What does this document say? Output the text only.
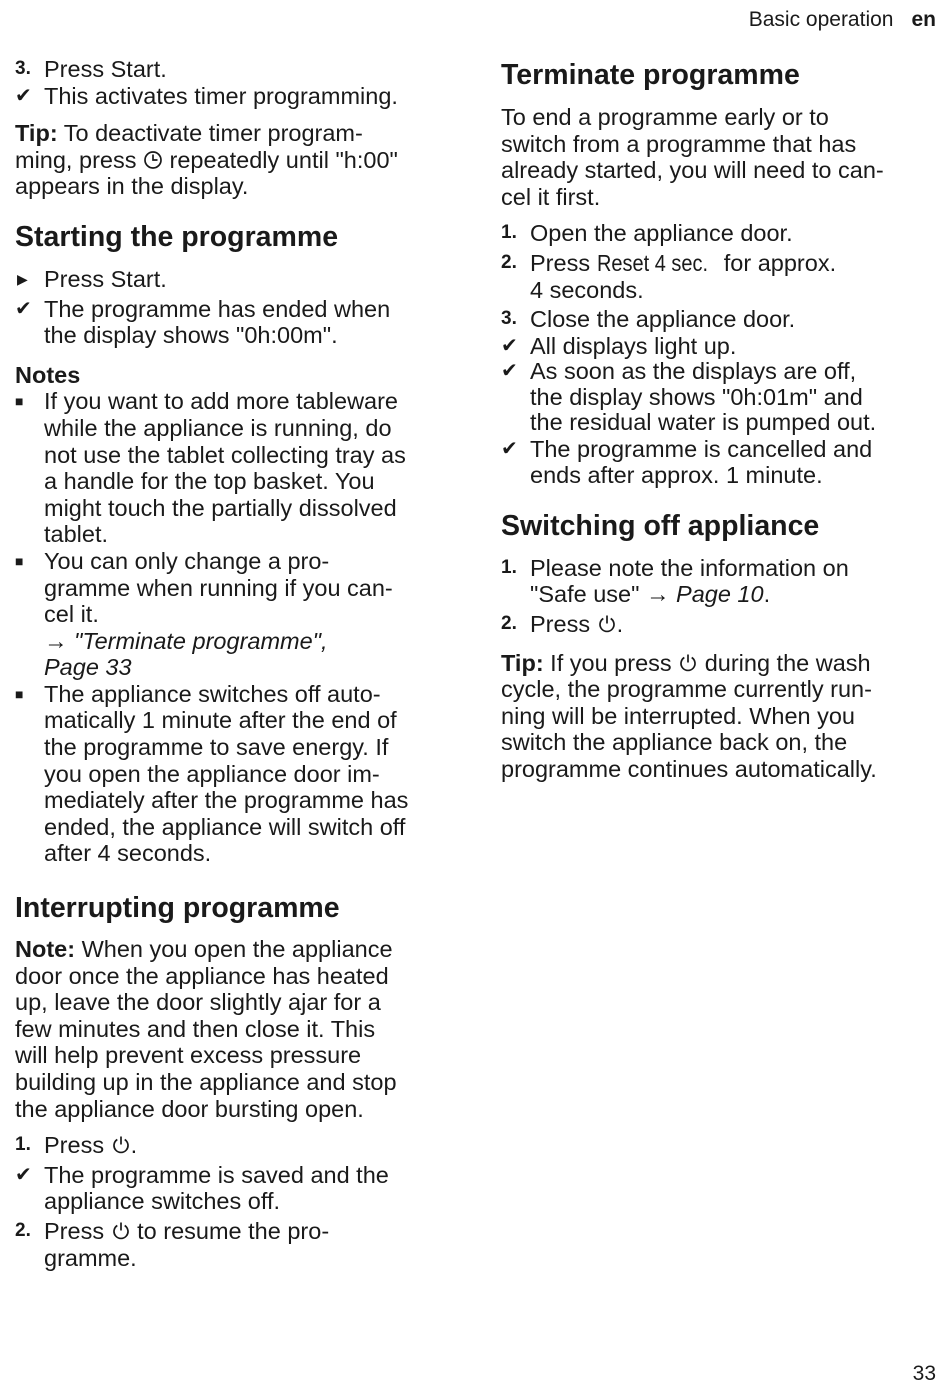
Basic operation en
3. Press Start.
✔ This activates timer programming.

Tip: To deactivate timer program-

ming, press  repeatedly until "h:00"

appears in the display.

Starting the programme
▶ Press Start.
✔ The programme has ended when

the display shows "0h:00m".

Notes
■ If you want to add more tableware

while the appliance is running, do

not use the tablet collecting tray as

a handle for the top basket. You

might touch the partially dissolved

tablet.

■ You can only change a pro-

gramme when running if you can-

cel it.

→ "Terminate programme",

Page 33

■ The appliance switches off auto-

matically 1 minute after the end of

the programme to save energy. If

you open the appliance door im-

mediately after the programme has

ended, the appliance will switch off

after 4 seconds.

Interrupting programme

Note: When you open the appliance

door once the appliance has heated

up, leave the door slightly ajar for a

few minutes and then close it. This

will help prevent excess pressure

building up in the appliance and stop

the appliance door bursting open.

1. Press .
✔ The programme is saved and the

appliance switches off.

2. Press  to resume the pro-

gramme.

Terminate programme

To end a programme early or to

switch from a programme that has

already started, you will need to can-

cel it first.

1. Open the appliance door.
2. Press Reset 4 sec. for approx.

4 seconds.

3. Close the appliance door.
✔ All displays light up.
✔ As soon as the displays are off,

the display shows "0h:01m" and

the residual water is pumped out.

✔ The programme is cancelled and

ends after approx. 1 minute.

Switching off appliance
1. Please note the information on

"Safe use" → Page 10.

2. Press .

Tip: If you press  during the wash

cycle, the programme currently run-

ning will be interrupted. When you

switch the appliance back on, the

programme continues automatically.

33
